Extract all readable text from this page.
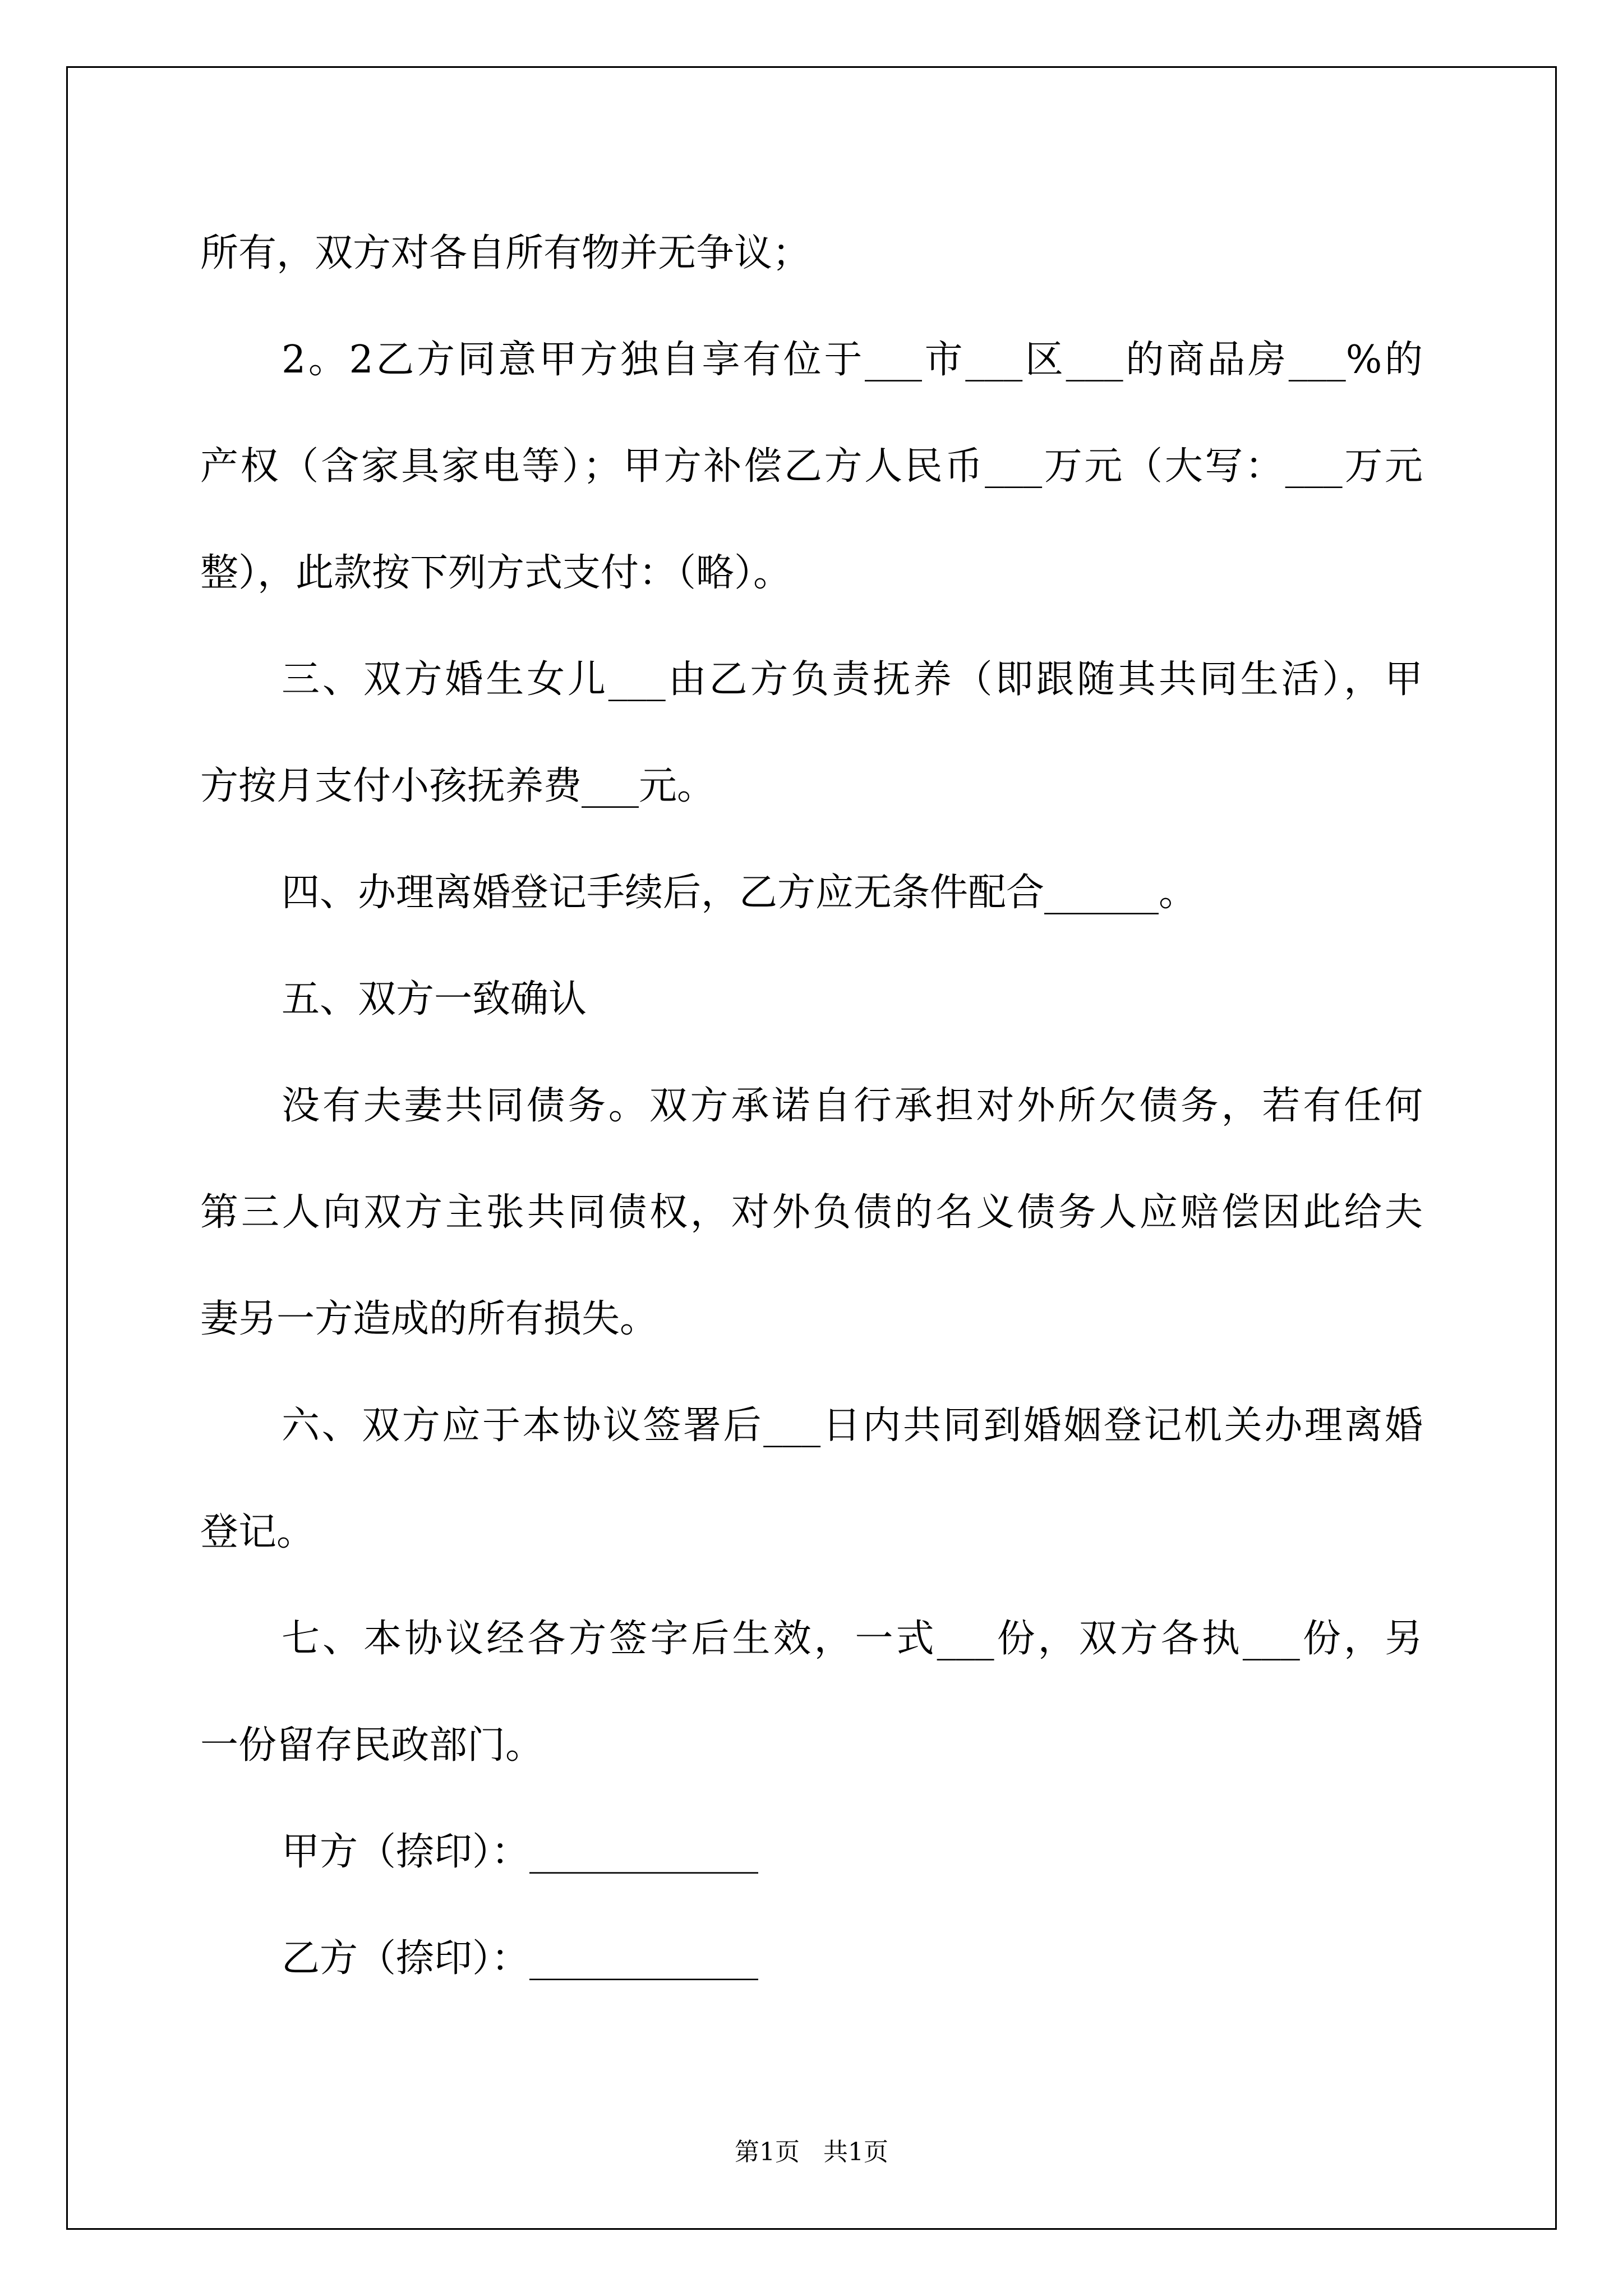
所有，双方对各自所有物并无争议；
2。2乙方同意甲方独自享有位于___市___区___的商品房___%的
产权（含家具家电等）；甲方补偿乙方人民币___万元（大写：___万元
整），此款按下列方式支付：（略）。
三、双方婚生女儿___由乙方负责抚养（即跟随其共同生活），甲
方按月支付小孩抚养费___元。
四、办理离婚登记手续后，乙方应无条件配合______。
五、双方一致确认
没有夫妻共同债务。双方承诺自行承担对外所欠债务，若有任何
第三人向双方主张共同债权，对外负债的名义债务人应赔偿因此给夫
妻另一方造成的所有损失。
六、双方应于本协议签署后___日内共同到婚姻登记机关办理离婚
登记。
七、本协议经各方签字后生效，一式___份，双方各执___份，另
一份留存民政部门。
甲方（捺印）：____________
乙方（捺印）：____________
第1页 共1页
